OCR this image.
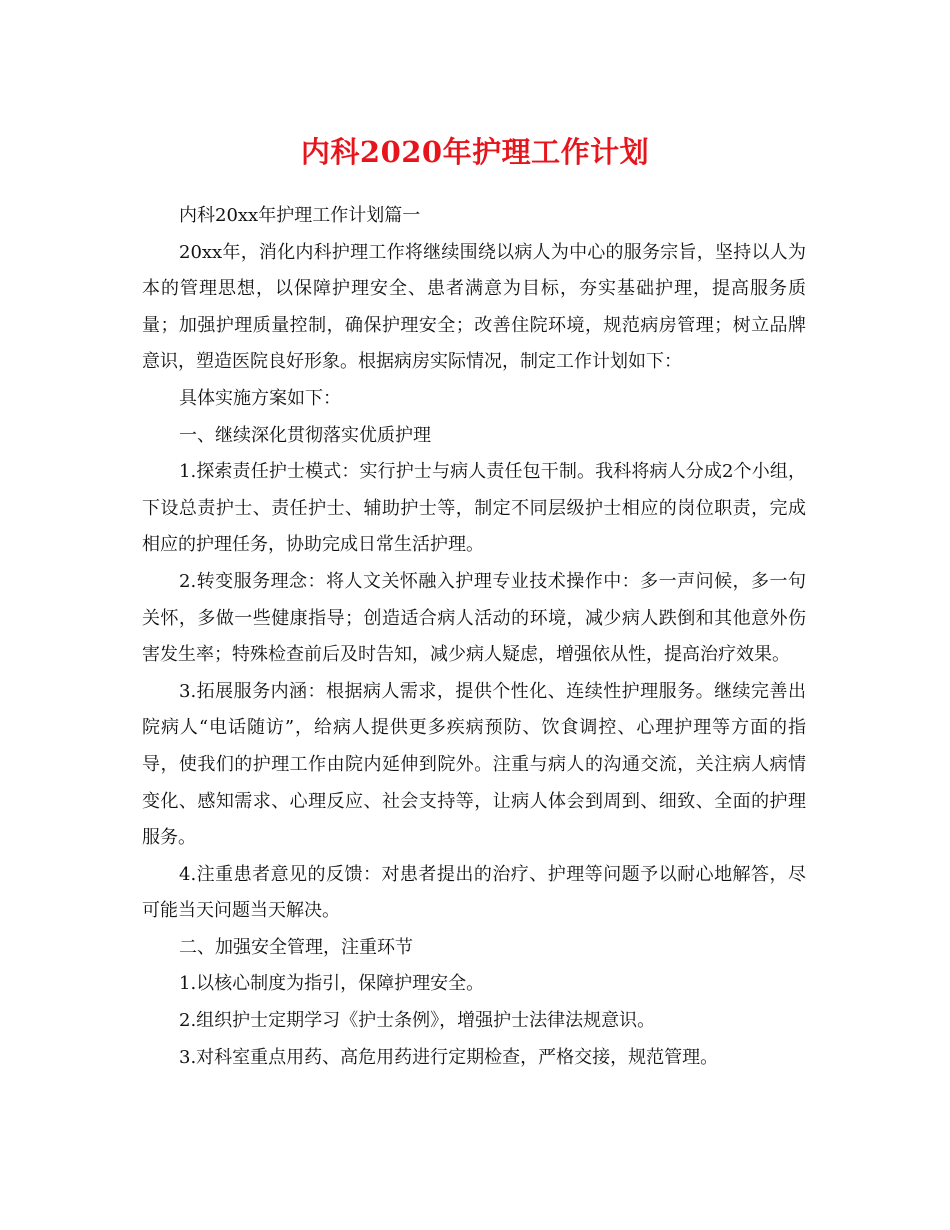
内科2020年护理工作计划

内科20xx年护理工作计划篇一

20xx年，消化内科护理工作将继续围绕以病人为中心的服务宗旨，坚持以人为本的管理思想，以保障护理安全、患者满意为目标，夯实基础护理，提高服务质量；加强护理质量控制，确保护理安全；改善住院环境，规范病房管理；树立品牌意识，塑造医院良好形象。根据病房实际情况，制定工作计划如下：

具体实施方案如下：

一、继续深化贯彻落实优质护理

1.探索责任护士模式：实行护士与病人责任包干制。我科将病人分成2个小组，下设总责护士、责任护士、辅助护士等，制定不同层级护士相应的岗位职责，完成相应的护理任务，协助完成日常生活护理。

2.转变服务理念：将人文关怀融入护理专业技术操作中：多一声问候，多一句关怀，多做一些健康指导；创造适合病人活动的环境，减少病人跌倒和其他意外伤害发生率；特殊检查前后及时告知，减少病人疑虑，增强依从性，提高治疗效果。

3.拓展服务内涵：根据病人需求，提供个性化、连续性护理服务。继续完善出院病人“电话随访”，给病人提供更多疾病预防、饮食调控、心理护理等方面的指导，使我们的护理工作由院内延伸到院外。注重与病人的沟通交流，关注病人病情变化、感知需求、心理反应、社会支持等，让病人体会到周到、细致、全面的护理服务。

4.注重患者意见的反馈：对患者提出的治疗、护理等问题予以耐心地解答，尽可能当天问题当天解决。

二、加强安全管理，注重环节

1.以核心制度为指引，保障护理安全。

2.组织护士定期学习《护士条例》，增强护士法律法规意识。

3.对科室重点用药、高危用药进行定期检查，严格交接，规范管理。
